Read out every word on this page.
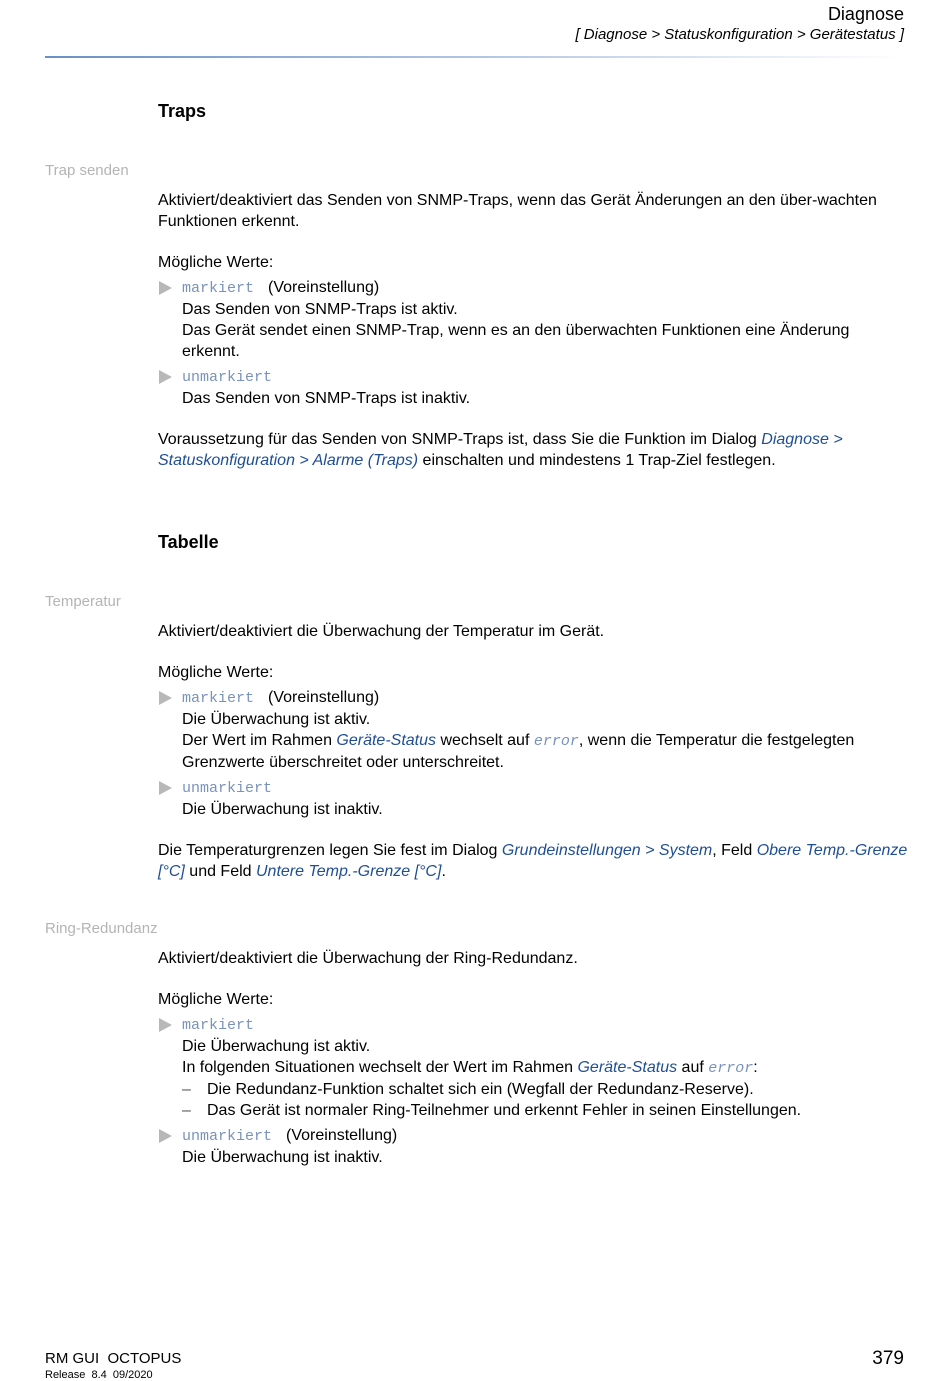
Diagnose
[ Diagnose > Statuskonfiguration > Gerätestatus ]
Traps
Trap senden

Aktiviert/deaktiviert das Senden von SNMP-Traps, wenn das Gerät Änderungen an den über-wachten Funktionen erkennt.

Mögliche Werte:

markiert (Voreinstellung)
Das Senden von SNMP-Traps ist aktiv.
Das Gerät sendet einen SNMP-Trap, wenn es an den überwachten Funktionen eine Änderung erkennt.
unmarkiert
Das Senden von SNMP-Traps ist inaktiv.

Voraussetzung für das Senden von SNMP-Traps ist, dass Sie die Funktion im Dialog Diagnose > Statuskonfiguration > Alarme (Traps) einschalten und mindestens 1 Trap-Ziel festlegen.

Tabelle
Temperatur

Aktiviert/deaktiviert die Überwachung der Temperatur im Gerät.

Mögliche Werte:

markiert (Voreinstellung)
Die Überwachung ist aktiv.
Der Wert im Rahmen Geräte-Status wechselt auf error, wenn die Temperatur die festgelegten Grenzwerte überschreitet oder unterschreitet.
unmarkiert
Die Überwachung ist inaktiv.

Die Temperaturgrenzen legen Sie fest im Dialog Grundeinstellungen > System, Feld Obere Temp.-Grenze [°C] und Feld Untere Temp.-Grenze [°C].

Ring-Redundanz

Aktiviert/deaktiviert die Überwachung der Ring-Redundanz.

Mögliche Werte:

markiert
Die Überwachung ist aktiv.
In folgenden Situationen wechselt der Wert im Rahmen Geräte-Status auf error:
– Die Redundanz-Funktion schaltet sich ein (Wegfall der Redundanz-Reserve).
– Das Gerät ist normaler Ring-Teilnehmer und erkennt Fehler in seinen Einstellungen.
unmarkiert (Voreinstellung)
Die Überwachung ist inaktiv.
RM GUI  OCTOPUS
Release  8.4  09/2020
379
